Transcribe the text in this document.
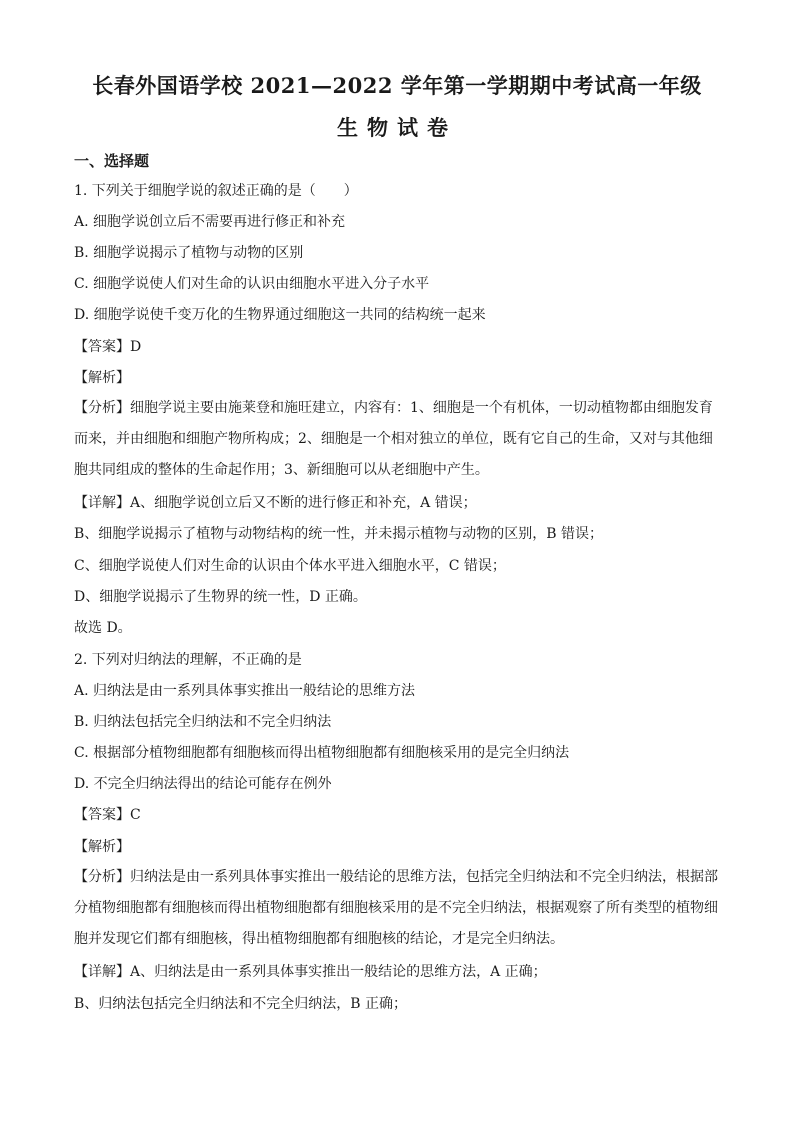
长春外国语学校 2021—2022 学年第一学期期中考试高一年级
生物试卷
一、选择题
1. 下列关于细胞学说的叙述正确的是（　　）
A. 细胞学说创立后不需要再进行修正和补充
B. 细胞学说揭示了植物与动物的区别
C. 细胞学说使人们对生命的认识由细胞水平进入分子水平
D. 细胞学说使千变万化的生物界通过细胞这一共同的结构统一起来
【答案】D
【解析】
【分析】细胞学说主要由施莱登和施旺建立，内容有：1、细胞是一个有机体，一切动植物都由细胞发育而来，并由细胞和细胞产物所构成；2、细胞是一个相对独立的单位，既有它自己的生命，又对与其他细胞共同组成的整体的生命起作用；3、新细胞可以从老细胞中产生。
【详解】A、细胞学说创立后又不断的进行修正和补充，A 错误；
B、细胞学说揭示了植物与动物结构的统一性，并未揭示植物与动物的区别，B 错误；
C、细胞学说使人们对生命的认识由个体水平进入细胞水平，C 错误；
D、细胞学说揭示了生物界的统一性，D 正确。
故选 D。
2. 下列对归纳法的理解，不正确的是
A. 归纳法是由一系列具体事实推出一般结论的思维方法
B. 归纳法包括完全归纳法和不完全归纳法
C. 根据部分植物细胞都有细胞核而得出植物细胞都有细胞核采用的是完全归纳法
D. 不完全归纳法得出的结论可能存在例外
【答案】C
【解析】
【分析】归纳法是由一系列具体事实推出一般结论的思维方法，包括完全归纳法和不完全归纳法，根据部分植物细胞都有细胞核而得出植物细胞都有细胞核采用的是不完全归纳法，根据观察了所有类型的植物细胞并发现它们都有细胞核，得出植物细胞都有细胞核的结论，才是完全归纳法。
【详解】A、归纳法是由一系列具体事实推出一般结论的思维方法，A 正确；
B、归纳法包括完全归纳法和不完全归纳法，B 正确；
